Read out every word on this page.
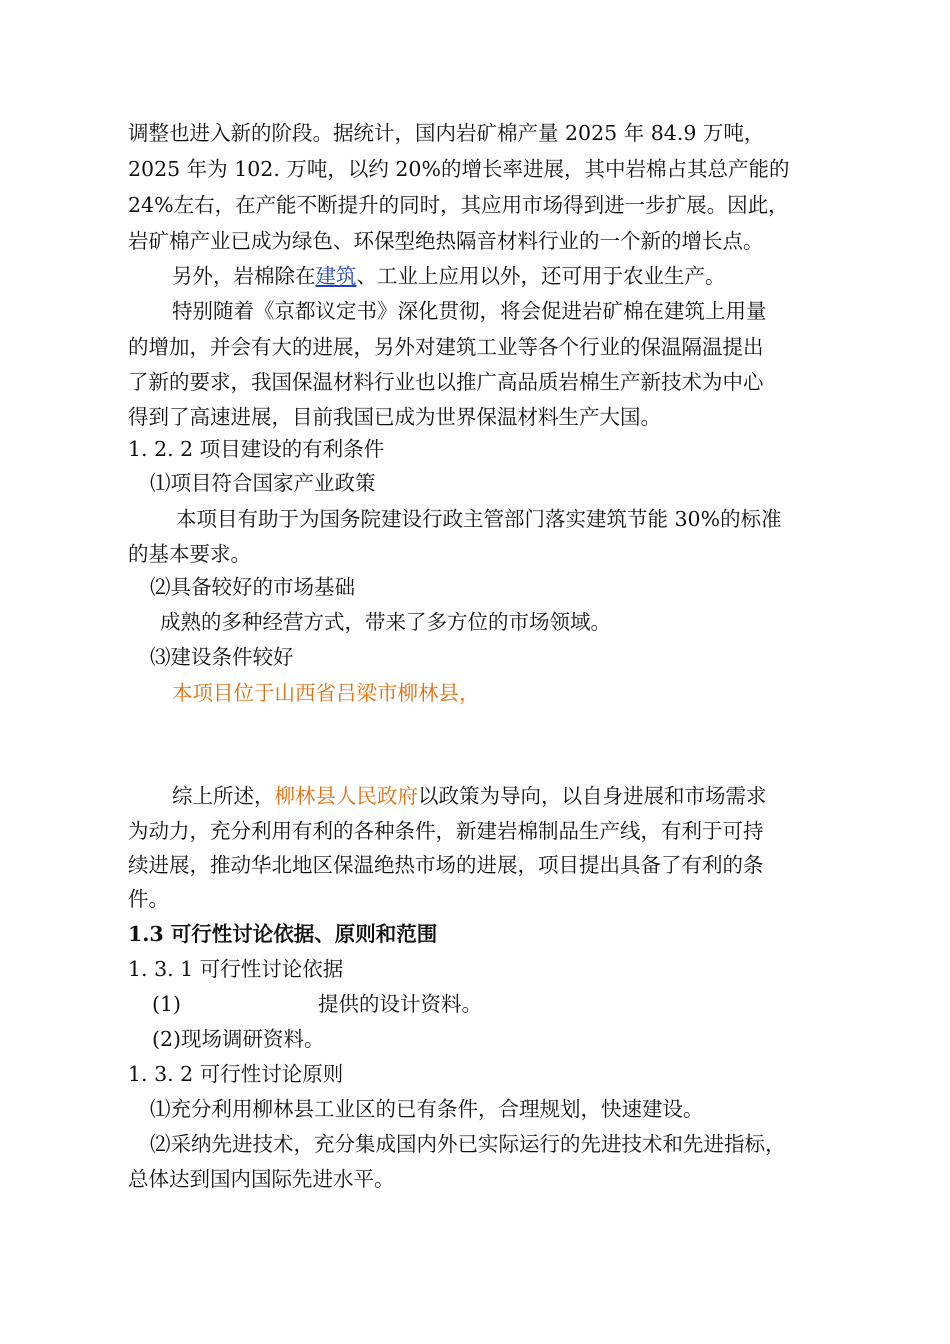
调整也进入新的阶段。据统计，国内岩矿棉产量 2025 年 84.9 万吨，
2025 年为 102. 万吨，以约 20%的增长率进展，其中岩棉占其总产能的
24%左右，在产能不断提升的同时，其应用市场得到进一步扩展。因此，
岩矿棉产业已成为绿色、环保型绝热隔音材料行业的一个新的增长点。
另外，岩棉除在建筑、工业上应用以外，还可用于农业生产。
特别随着《京都议定书》深化贯彻，将会促进岩矿棉在建筑上用量
的增加，并会有大的进展，另外对建筑工业等各个行业的保温隔温提出
了新的要求，我国保温材料行业也以推广高品质岩棉生产新技术为中心
得到了高速进展，目前我国已成为世界保温材料生产大国。
1. 2. 2 项目建设的有利条件
⑴项目符合国家产业政策
本项目有助于为国务院建设行政主管部门落实建筑节能 30%的标准
的基本要求。
⑵具备较好的市场基础
成熟的多种经营方式，带来了多方位的市场领域。
⑶建设条件较好
本项目位于山西省吕梁市柳林县，
综上所述，柳林县人民政府以政策为导向，以自身进展和市场需求
为动力，充分利用有利的各种条件，新建岩棉制品生产线，有利于可持
续进展，推动华北地区保温绝热市场的进展，项目提出具备了有利的条
件。
1.3 可行性讨论依据、原则和范围
1. 3. 1 可行性讨论依据
(1)	提供的设计资料。
(2)现场调研资料。
1. 3. 2 可行性讨论原则
⑴充分利用柳林县工业区的已有条件，合理规划，快速建设。
⑵采纳先进技术，充分集成国内外已实际运行的先进技术和先进指标，
总体达到国内国际先进水平。
